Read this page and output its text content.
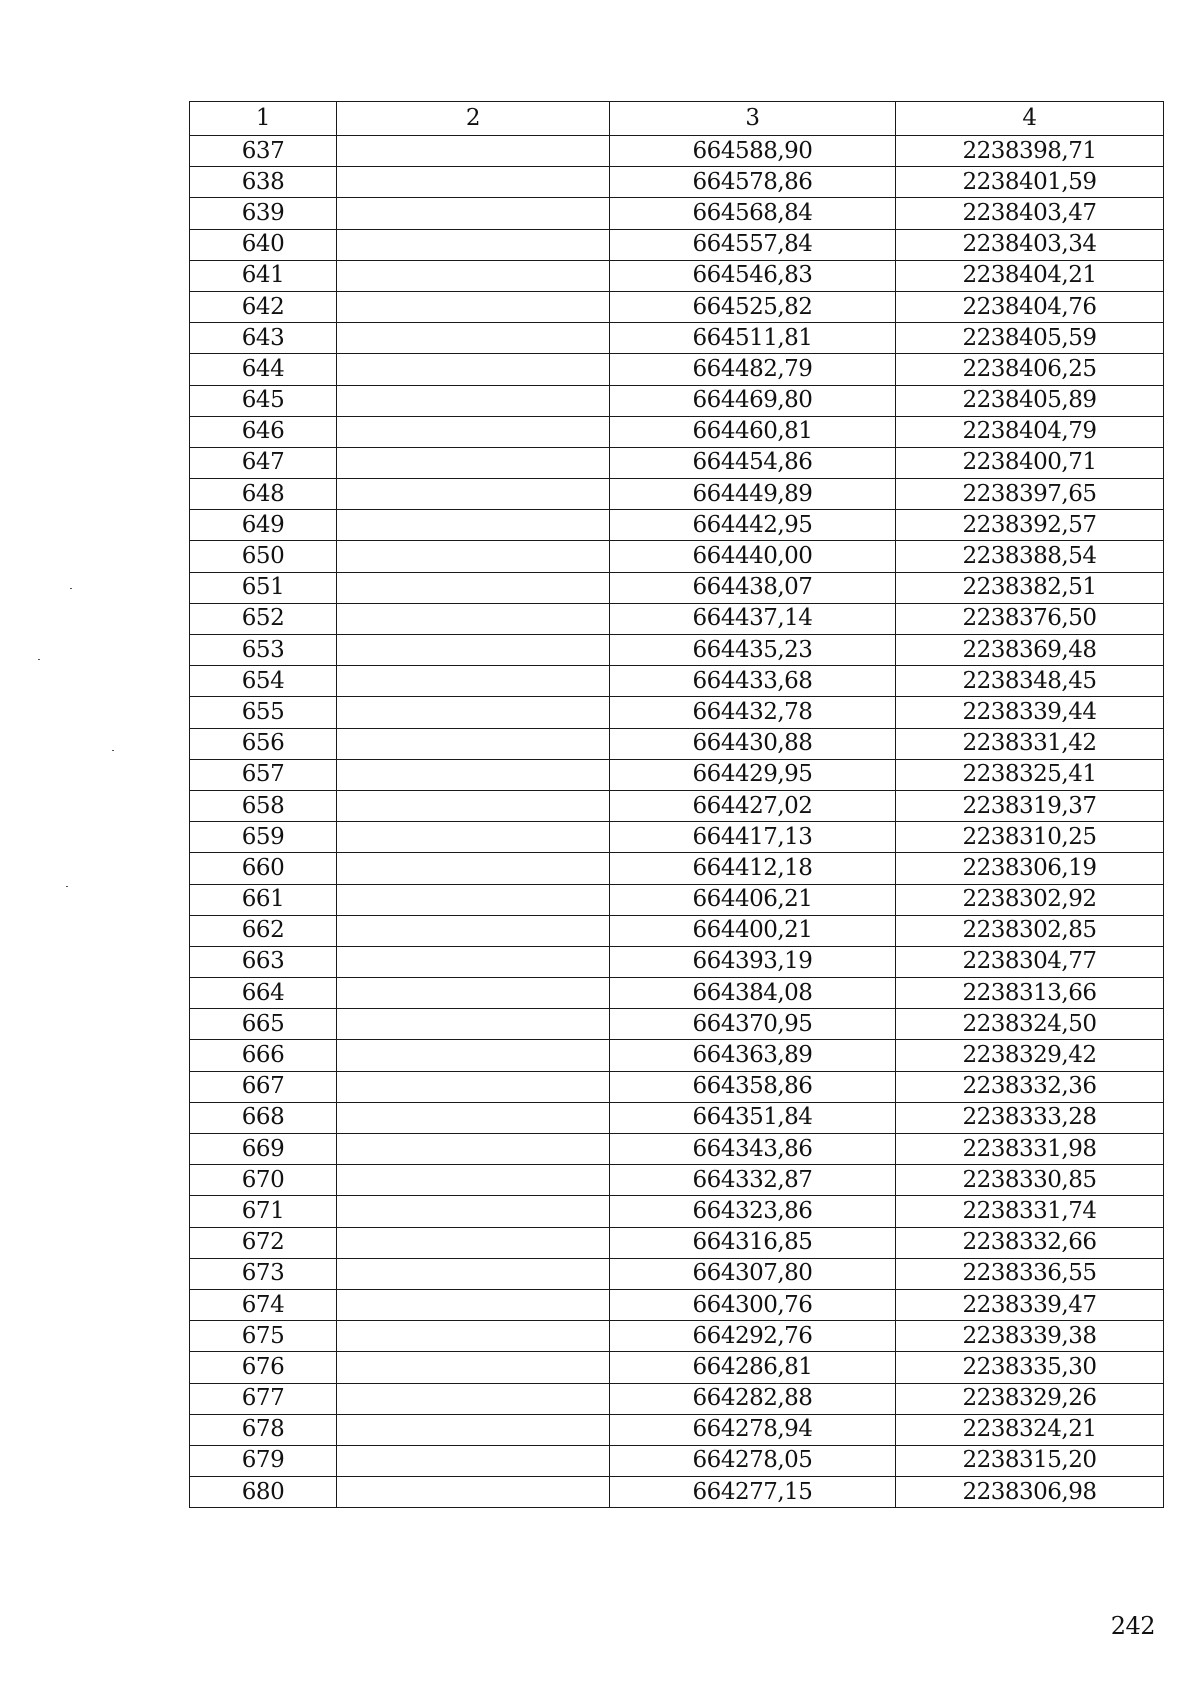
1	2	3	4
637		664588,90	2238398,71
638		664578,86	2238401,59
639		664568,84	2238403,47
640		664557,84	2238403,34
641		664546,83	2238404,21
642		664525,82	2238404,76
643		664511,81	2238405,59
644		664482,79	2238406,25
645		664469,80	2238405,89
646		664460,81	2238404,79
647		664454,86	2238400,71
648		664449,89	2238397,65
649		664442,95	2238392,57
650		664440,00	2238388,54
651		664438,07	2238382,51
652		664437,14	2238376,50
653		664435,23	2238369,48
654		664433,68	2238348,45
655		664432,78	2238339,44
656		664430,88	2238331,42
657		664429,95	2238325,41
658		664427,02	2238319,37
659		664417,13	2238310,25
660		664412,18	2238306,19
661		664406,21	2238302,92
662		664400,21	2238302,85
663		664393,19	2238304,77
664		664384,08	2238313,66
665		664370,95	2238324,50
666		664363,89	2238329,42
667		664358,86	2238332,36
668		664351,84	2238333,28
669		664343,86	2238331,98
670		664332,87	2238330,85
671		664323,86	2238331,74
672		664316,85	2238332,66
673		664307,80	2238336,55
674		664300,76	2238339,47
675		664292,76	2238339,38
676		664286,81	2238335,30
677		664282,88	2238329,26
678		664278,94	2238324,21
679		664278,05	2238315,20
680		664277,15	2238306,98
242
